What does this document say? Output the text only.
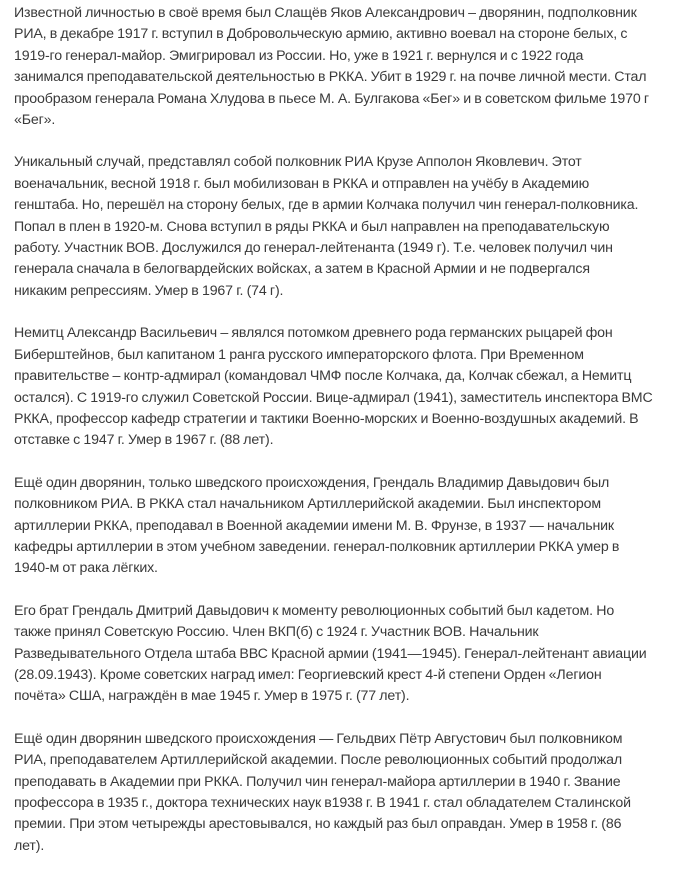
Известной личностью в своё время был Слащёв Яков Александрович – дворянин, подполковник
РИА, в декабре 1917 г. вступил в Добровольческую армию, активно воевал на стороне белых, с
1919-го генерал-майор. Эмигрировал из России. Но, уже в 1921 г. вернулся и с 1922 года
занимался преподавательской деятельностью в РККА. Убит в 1929 г. на почве личной мести. Стал
прообразом генерала Романа Хлудова в пьесе М. А. Булгакова «Бег» и в советском фильме 1970 г
«Бег».

Уникальный случай, представлял собой полковник РИА Крузе Апполон Яковлевич. Этот
военачальник, весной 1918 г. был мобилизован в РККА и отправлен на учёбу в Академию
генштаба. Но, перешёл на сторону белых, где в армии Колчака получил чин генерал-полковника.
Попал в плен в 1920-м. Снова вступил в ряды РККА и был направлен на преподавательскую
работу. Участник ВОВ. Дослужился до генерал-лейтенанта (1949 г). Т.е. человек получил чин
генерала сначала в белогвардейских войсках, а затем в Красной Армии и не подвергался
никаким репрессиям. Умер в 1967 г. (74 г).

Немитц Александр Васильевич – являлся потомком древнего рода германских рыцарей фон
Биберштейнов, был капитаном 1 ранга русского императорского флота. При Временном
правительстве – контр-адмирал (командовал ЧМФ после Колчака, да, Колчак сбежал, а Немитц
остался). С 1919-го служил Советской России. Вице-адмирал (1941), заместитель инспектора ВМС
РККА, профессор кафедр стратегии и тактики Военно-морских и Военно-воздушных академий. В
отставке с 1947 г. Умер в 1967 г. (88 лет).

Ещё один дворянин, только шведского происхождения, Грендаль Владимир Давыдович был
полковником РИА. В РККА стал начальником Артиллерийской академии. Был инспектором
артиллерии РККА, преподавал в Военной академии имени М. В. Фрунзе, в 1937 — начальник
кафедры артиллерии в этом учебном заведении. генерал-полковник артиллерии РККА умер в
1940-м от рака лёгких.

Его брат Грендаль Дмитрий Давыдович к моменту революционных событий был кадетом. Но
также принял Советскую Россию. Член ВКП(б) с 1924 г. Участник ВОВ. Начальник
Разведывательного Отдела штаба ВВС Красной армии (1941—1945). Генерал-лейтенант авиации
(28.09.1943). Кроме советских наград имел: Георгиевский крест 4-й степени Орден «Легион
почёта» США, награждён в мае 1945 г. Умер в 1975 г. (77 лет).

Ещё один дворянин шведского происхождения — Гельдвих Пётр Августович был полковником
РИА, преподавателем Артиллерийской академии. После революционных событий продолжал
преподавать в Академии при РККА. Получил чин генерал-майора артиллерии в 1940 г. Звание
профессора в 1935 г., доктора технических наук в1938 г. В 1941 г. стал обладателем Сталинской
премии. При этом четырежды арестовывался, но каждый раз был оправдан. Умер в 1958 г. (86
лет).
